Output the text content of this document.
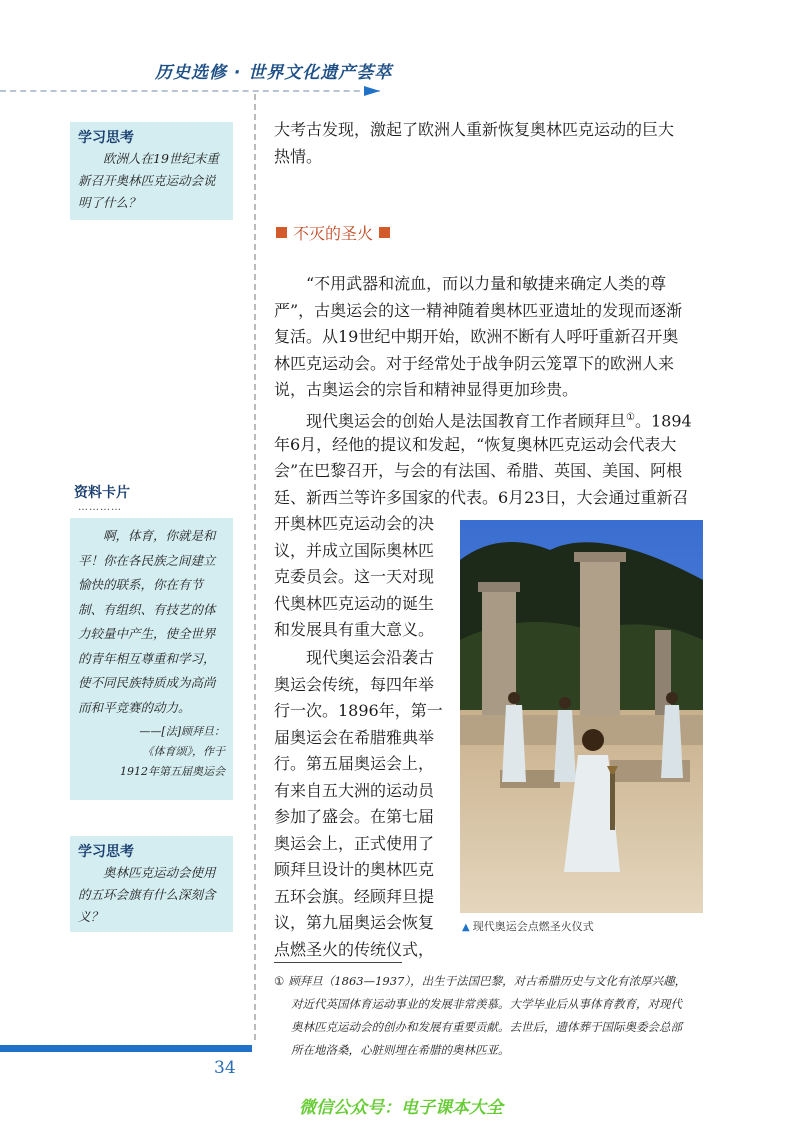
历史选修 · 世界文化遗产荟萃
学习思考
欧洲人在19世纪末重新召开奥林匹克运动会说明了什么？
资料卡片
…………

啊，体育，你就是和平！你在各民族之间建立愉快的联系，你在有节制、有组织、有技艺的体力较量中产生，使全世界的青年相互尊重和学习，使不同民族特质成为高尚而和平竞赛的动力。

——[法]顾拜旦：
《体育颂》，作于
1912年第五届奥运会
学习思考
奥林匹克运动会使用的五环会旗有什么深刻含义？

大考古发现，激起了欧洲人重新恢复奥林匹克运动的巨大

热情。

不灭的圣火

“不用武器和流血，而以力量和敏捷来确定人类的尊

严”，古奥运会的这一精神随着奥林匹亚遗址的发现而逐渐

复活。从19世纪中期开始，欧洲不断有人呼吁重新召开奥

林匹克运动会。对于经常处于战争阴云笼罩下的欧洲人来

说，古奥运会的宗旨和精神显得更加珍贵。

现代奥运会的创始人是法国教育工作者顾拜旦①。1894

年6月，经他的提议和发起，“恢复奥林匹克运动会代表大

会”在巴黎召开，与会的有法国、希腊、英国、美国、阿根

廷、新西兰等许多国家的代表。6月23日，大会通过重新召

开奥林匹克运动会的决

议，并成立国际奥林匹

克委员会。这一天对现

代奥林匹克运动的诞生

和发展具有重大意义。

现代奥运会沿袭古

奥运会传统，每四年举

行一次。1896年，第一

届奥运会在希腊雅典举

行。第五届奥运会上，

有来自五大洲的运动员

参加了盛会。在第七届

奥运会上，正式使用了

顾拜旦设计的奥林匹克

五环会旗。经顾拜旦提

议，第九届奥运会恢复

点燃圣火的传统仪式，

▲ 现代奥运会点燃圣火仪式
① 顾拜旦（1863—1937），出生于法国巴黎，对古希腊历史与文化有浓厚兴趣，
对近代英国体育运动事业的发展非常羡慕。大学毕业后从事体育教育，对现代
奥林匹克运动会的创办和发展有重要贡献。去世后，遗体葬于国际奥委会总部
所在地洛桑，心脏则埋在希腊的奥林匹亚。
34
微信公众号：电子课本大全
